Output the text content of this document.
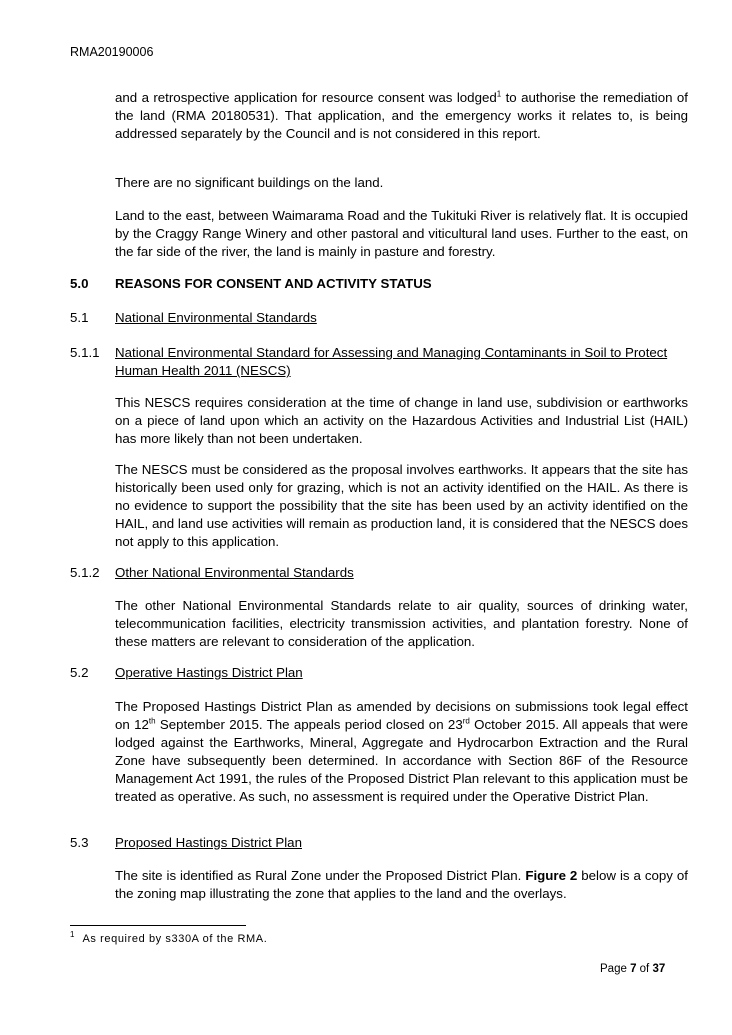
RMA20190006

and a retrospective application for resource consent was lodged$^1$ to authorise the remediation of the land (RMA 20180531). That application, and the emergency works it relates to, is being addressed separately by the Council and is not considered in this report.

There are no significant buildings on the land.

Land to the east, between Waimarama Road and the Tukituki River is relatively flat. It is occupied by the Craggy Range Winery and other pastoral and viticultural land uses. Further to the east, on the far side of the river, the land is mainly in pasture and forestry.

5.0 REASONS FOR CONSENT AND ACTIVITY STATUS
5.1 National Environmental Standards
5.1.1 National Environmental Standard for Assessing and Managing Contaminants in Soil to Protect Human Health 2011 (NESCS)

This NESCS requires consideration at the time of change in land use, subdivision or earthworks on a piece of land upon which an activity on the Hazardous Activities and Industrial List (HAIL) has more likely than not been undertaken.

The NESCS must be considered as the proposal involves earthworks. It appears that the site has historically been used only for grazing, which is not an activity identified on the HAIL. As there is no evidence to support the possibility that the site has been used by an activity identified on the HAIL, and land use activities will remain as production land, it is considered that the NESCS does not apply to this application.

5.1.2 Other National Environmental Standards

The other National Environmental Standards relate to air quality, sources of drinking water, telecommunication facilities, electricity transmission activities, and plantation forestry. None of these matters are relevant to consideration of the application.

5.2 Operative Hastings District Plan

The Proposed Hastings District Plan as amended by decisions on submissions took legal effect on 12th September 2015. The appeals period closed on 23rd October 2015. All appeals that were lodged against the Earthworks, Mineral, Aggregate and Hydrocarbon Extraction and the Rural Zone have subsequently been determined. In accordance with Section 86F of the Resource Management Act 1991, the rules of the Proposed District Plan relevant to this application must be treated as operative. As such, no assessment is required under the Operative District Plan.

5.3 Proposed Hastings District Plan

The site is identified as Rural Zone under the Proposed District Plan. Figure 2 below is a copy of the zoning map illustrating the zone that applies to the land and the overlays.

$^1$ As required by s330A of the RMA.
Page 7 of 37
